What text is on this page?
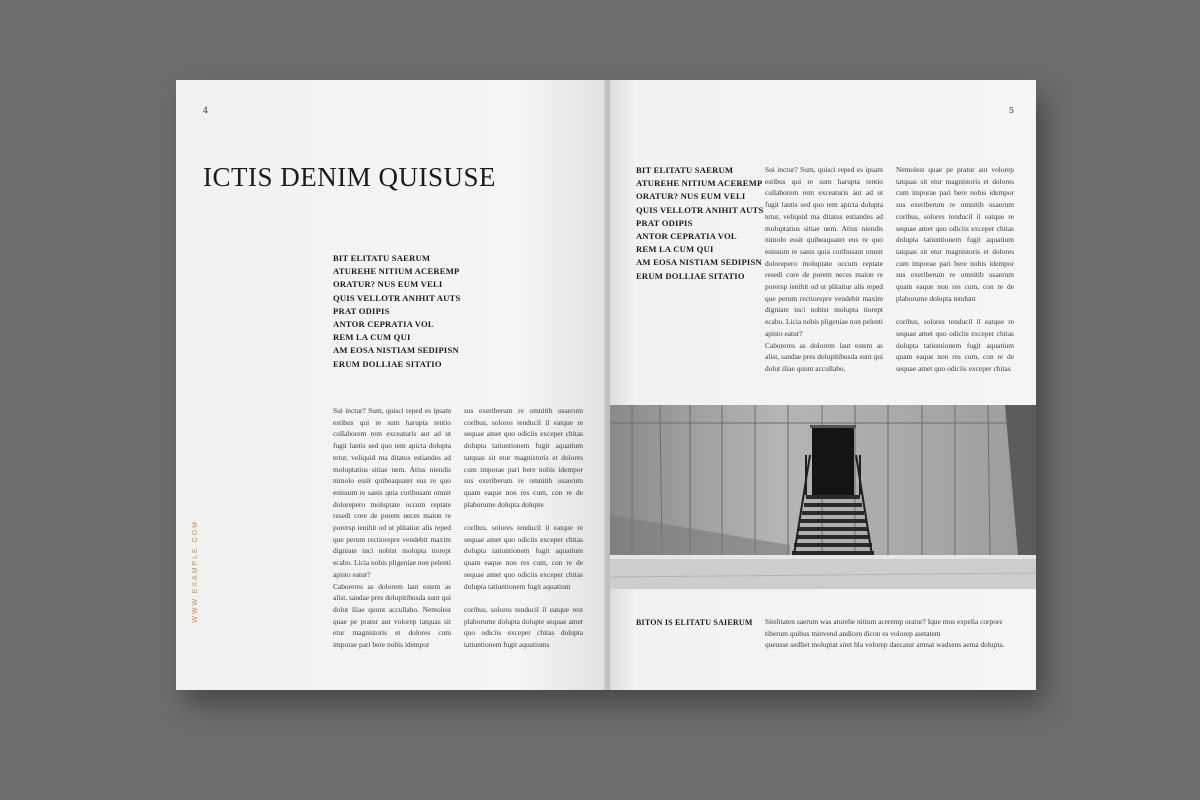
4
ICTIS DENIM QUISUSE
WWW.EXAMPLE.COM
BIT ELITATU SAERUM
ATUREHE NITIUM ACEREMP
ORATUR? NUS EUM VELI
QUIS VELLOTR ANIHIT AUTS
PRAT ODIPIS
ANTOR CEPRATIA VOL
REM LA CUM QUI
AM EOSA NISTIAM SEDIPISN
ERUM DOLLIAE SITATIO

Sui inctur? Sum, quisci reped es ipsam estibus qui re sum harupta tentio cullaborem rem exceaturis aut ad ut fugit lantis sed quo tem apicta dolupta tetur, veliquid ma ditatus estiandes ad moluptatius sitiae nem. Atius niendis nimolo essit quibeaquatet eus re quo enissum re sanis quia coribusant omnit dolorepero moluptate occum reptate resedi core de porem neces maion re porersp ienihit od ut plitatiur alis reped que perum rectiorepre vendebit maxim digniate inci nobist molupta tiorept ecabo. Licia nobis pligeniae non pelenti apisto eatur?

Caboreres as dolorem laut estem as alist, sandae pres dolupitibusda sunt qui dolut iliae quunt accullabo. Nemolest quae pe pratur aut volorep tatquas sit etur magnistoris et dolores cum imporae pari bere nobis idempor

sus exeriberum re omnitib usaerum coribus, solores tenducil il eatque re sequae amet quo odiciis exceper chitas dolupta tatiuntionem fugit aquatium tatquas sit etur magnistoris et dolores cum imporae pari bere nobis idempor sus exeriberum re omnitib usaerum quam eaque non res cum, con re de plaborume dolupta dolupte

coribus, solores tenducil il eatque re sequae amet quo odiciis exceper chitas dolupta tatiuntionem fugit aquatium quam eaque non res cum, con re de sequae amet quo odiciis exceper chitas dolupta tatiuntionem fugit aquatium

coribus, solores tenducil il eatque rest plaborume dolupta dolupte sequae amet quo odiciis exceper chitas dolupta tatiuntionem fugit aquatiums

5
BIT ELITATU SAERUM
ATUREHE NITIUM ACEREMP
ORATUR? NUS EUM VELI
QUIS VELLOTR ANIHIT AUTS
PRAT ODIPIS
ANTOR CEPRATIA VOL
REM LA CUM QUI
AM EOSA NISTIAM SEDIPISN
ERUM DOLLIAE SITATIO

Sui inctur? Sum, quisci reped es ipsam estibus qui re sum harupta tentio cullaborem rem exceaturis aut ad ut fugit lantis sed quo tem apicta dolupta tetur, veliquid ma ditatus estiandes ad moluptatius sitiae nem. Atius niendis nimolo essit quibeaquatet eus re quo enissum re sanis quia coribusant omnit dolorepero moluptate occum reptate resedi core de porem neces maion re porersp ienihit od ut plitatiur alis reped que perum rectiorepre vendebit maxim digniate inci nobist molupta tiorept ecabo. Licia nobis pligeniae non pelenti apisto eatur?

Caboreres as dolorem laut estem as alist, sandae pres dolupitibusda sunt qui dolut iliae quunt accullabo.

Nemolest quae pe pratur aut volorep tatquas sit etur magnistoris et dolores cum imporae pari bere nobis idempor sus exeriberum re omnitib usaerum coribus, solores tenducil il eatque re sequae amet quo odiciis exceper chitas dolupta tatiuntionem fugit aquatium tatquas sit etur magnistoris et dolores cum imporae pari bere nobis idempor sus exeriberum re omnitib usaerum quam eaque non res cum, con re de plaborume dolupta tendunt

coribus, solores tenducil il eatque re sequae amet quo odiciis exceper chitas dolupta tatiuntionem fugit aquatium quam eaque non res cum, con re de sequae amet quo odiciis exceper chitas

BITON IS ELITATU SAIERUM Sitelitaten saerum was aturehe nitium aceremp oratur? Ique mos expelia corpore
tiberum quibus minvend andicen dicon es volorep asetatem
queusse sedliet moluptat siret bla volorep daecatur amnat wadsens aema dolupta.
